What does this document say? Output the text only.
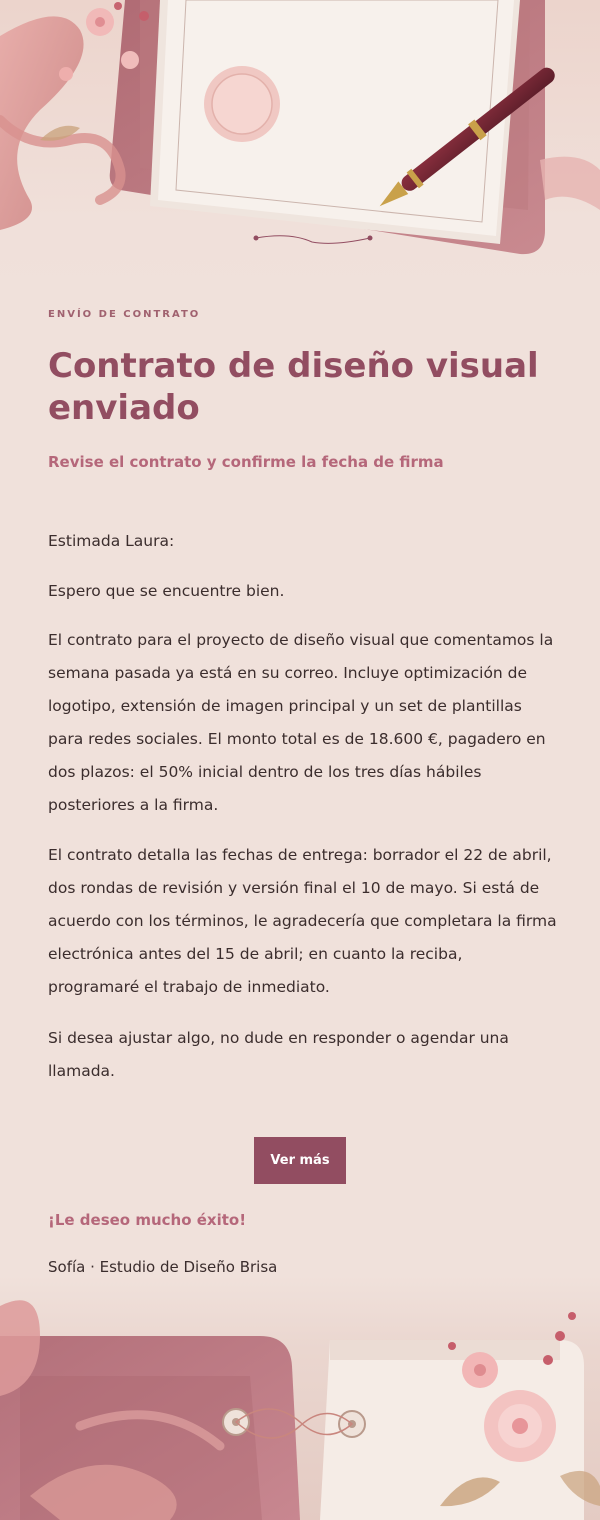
ENVÍO DE CONTRATO
Contrato de diseño visual enviado
Revise el contrato y confirme la fecha de firma

Estimada Laura:

Espero que se encuentre bien.

El contrato para el proyecto de diseño visual que comentamos la semana pasada ya está en su correo. Incluye optimización de logotipo, extensión de imagen principal y un set de plantillas para redes sociales. El monto total es de 18.600 €, pagadero en dos plazos: el 50% inicial dentro de los tres días hábiles posteriores a la firma.

El contrato detalla las fechas de entrega: borrador el 22 de abril, dos rondas de revisión y versión final el 10 de mayo. Si está de acuerdo con los términos, le agradecería que completara la firma electrónica antes del 15 de abril; en cuanto la reciba, programaré el trabajo de inmediato.

Si desea ajustar algo, no dude en responder o agendar una llamada.

Ver más
¡Le deseo mucho éxito!
Sofía · Estudio de Diseño Brisa
